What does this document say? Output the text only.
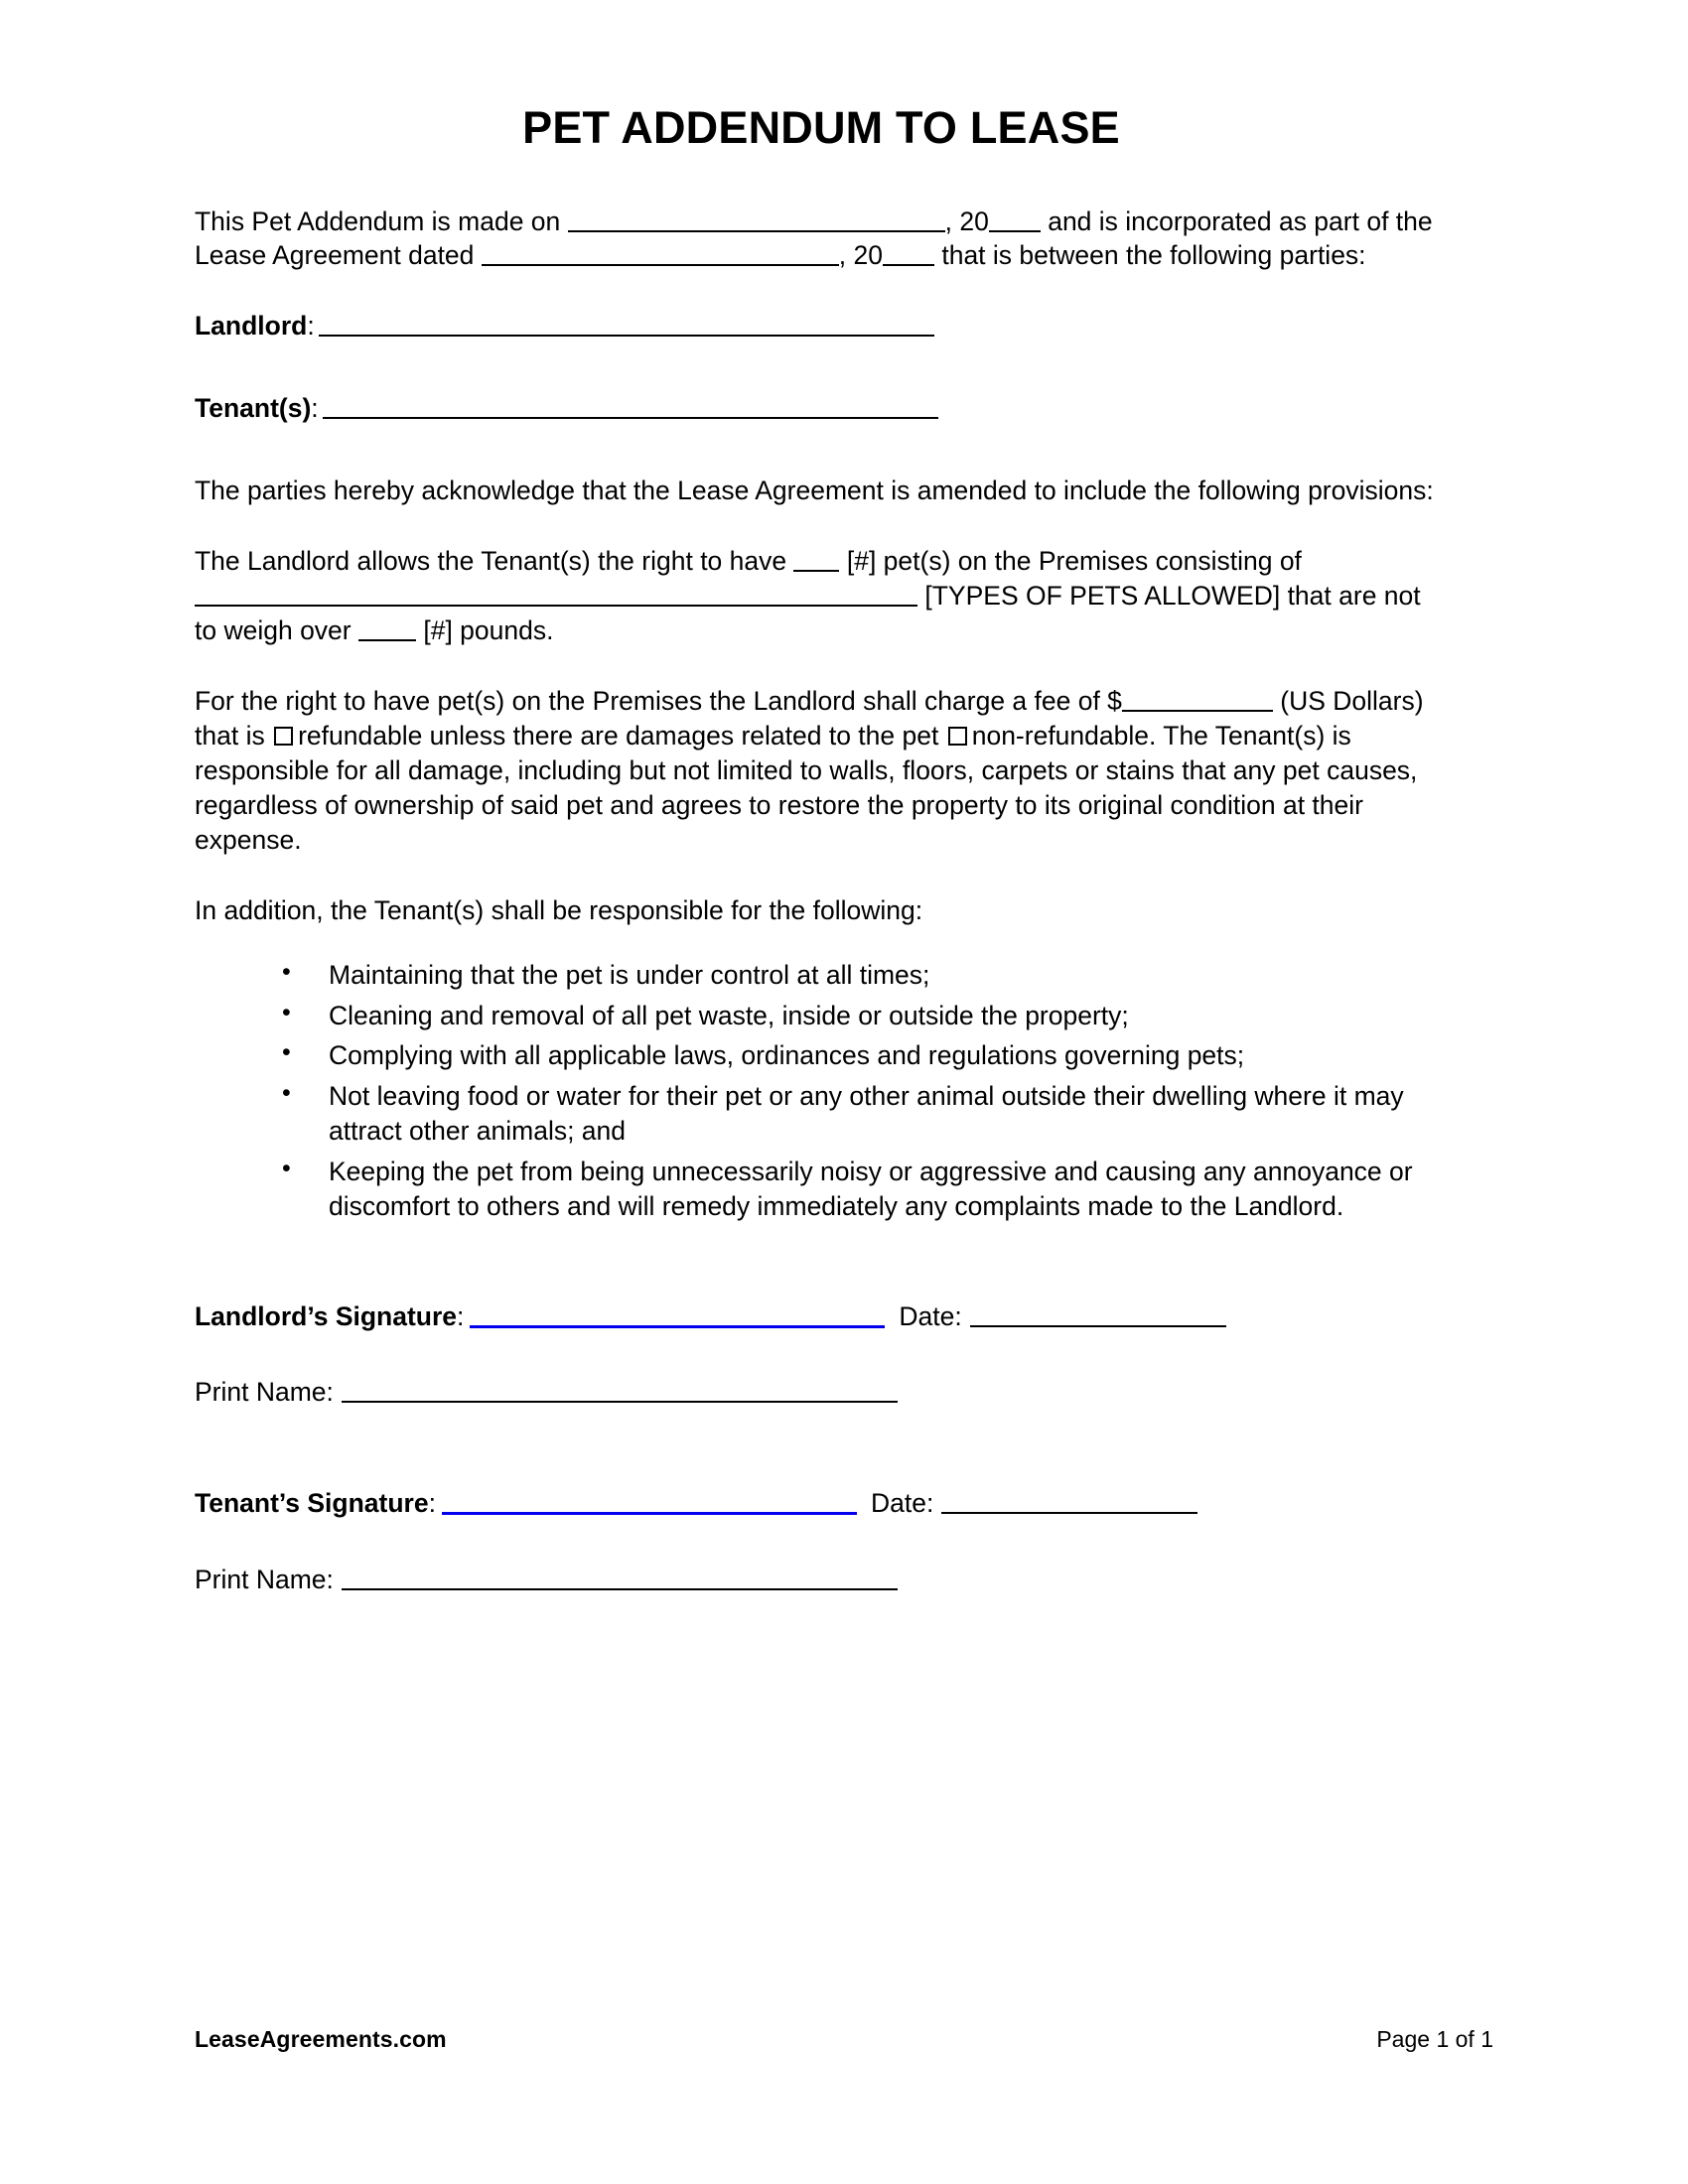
PET ADDENDUM TO LEASE

This Pet Addendum is made on	, 20 and is incorporated as part of the Lease Agreement dated	, 20 that is between the following parties:

Landlord:
Tenant(s):

The parties hereby acknowledge that the Lease Agreement is amended to include the following provisions:

The Landlord allows the Tenant(s) the right to have  [#] pet(s) on the Premises consisting of  [TYPES OF PETS ALLOWED] that are not to weigh over  [#] pounds.

For the right to have pet(s) on the Premises the Landlord shall charge a fee of $	(US Dollars) that is refundable unless there are damages related to the pet non-refundable. The Tenant(s) is responsible for all damage, including but not limited to walls, floors, carpets or stains that any pet causes, regardless of ownership of said pet and agrees to restore the property to its original condition at their expense.

In addition, the Tenant(s) shall be responsible for the following:

• Maintaining that the pet is under control at all times;
• Cleaning and removal of all pet waste, inside or outside the property;
• Complying with all applicable laws, ordinances and regulations governing pets;
• Not leaving food or water for their pet or any other animal outside their dwelling where it may attract other animals; and
• Keeping the pet from being unnecessarily noisy or aggressive and causing any annoyance or discomfort to others and will remedy immediately any complaints made to the Landlord.
Landlord’s Signature:	Date:
Print Name:
Tenant’s Signature:	Date:
Print Name:
LeaseAgreements.com	Page 1 of 1
